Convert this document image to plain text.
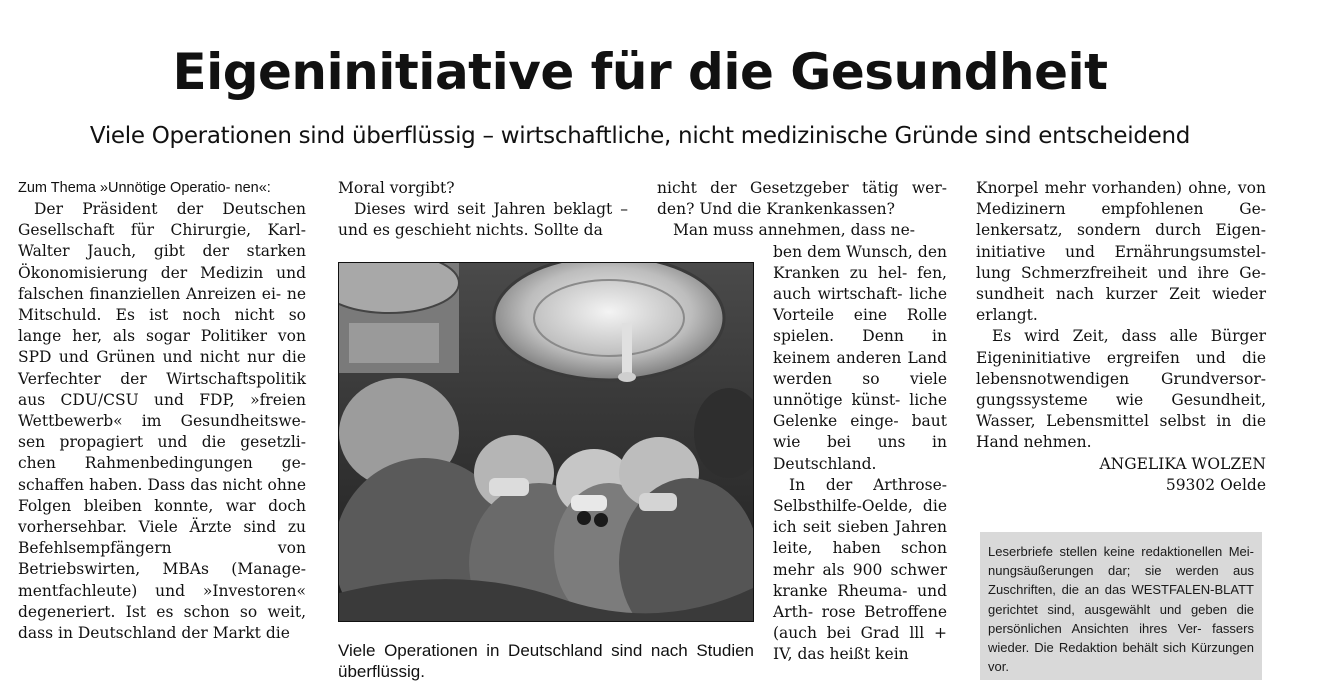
Eigeninitiative für die Gesundheit
Viele Operationen sind überflüssig – wirtschaftliche, nicht medizinische Gründe sind entscheidend

Zum Thema »Unnötige Operatio- nen«:

Der Präsident der Deutschen Gesellschaft für Chirurgie, Karl-Walter Jauch, gibt der starken Ökonomisierung der Medizin und falschen finanziellen Anreizen ei- ne Mitschuld. Es ist noch nicht so lange her, als sogar Politiker von SPD und Grünen und nicht nur die Verfechter der Wirtschaftspolitik aus CDU/CSU und FDP, »freien Wettbewerb« im Gesundheitswe- sen propagiert und die gesetzli- chen Rahmenbedingungen ge- schaffen haben. Dass das nicht ohne Folgen bleiben konnte, war doch vorhersehbar. Viele Ärzte sind zu Befehlsempfängern von Betriebswirten, MBAs (Manage- mentfachleute) und »Investoren« degeneriert. Ist es schon so weit, dass in Deutschland der Markt die

Moral vorgibt?

Dieses wird seit Jahren beklagt – und es geschieht nichts. Sollte da

Viele Operationen in Deutschland sind nach Studien überflüssig.

nicht der Gesetzgeber tätig wer- den? Und die Krankenkassen?

Man muss annehmen, dass ne-

ben dem Wunsch, den Kranken zu hel- fen, auch wirtschaft- liche Vorteile eine Rolle spielen. Denn in keinem anderen Land werden so viele unnötige künst- liche Gelenke einge- baut wie bei uns in Deutschland.

In der Arthrose-Selbsthilfe-Oelde, die ich seit sieben Jahren leite, haben schon mehr als 900 schwer kranke Rheuma- und Arth- rose Betroffene (auch bei Grad lll + IV, das heißt kein

Knorpel mehr vorhanden) ohne, von Medizinern empfohlenen Ge- lenkersatz, sondern durch Eigen- initiative und Ernährungsumstel- lung Schmerzfreiheit und ihre Ge- sundheit nach kurzer Zeit wieder erlangt.

Es wird Zeit, dass alle Bürger Eigeninitiative ergreifen und die lebensnotwendigen Grundversor- gungssysteme wie Gesundheit, Wasser, Lebensmittel selbst in die Hand nehmen.

ANGELIKA WOLZEN

59302 Oelde

Leserbriefe stellen keine redaktionellen Mei- nungsäußerungen dar; sie werden aus Zuschriften, die an das WESTFALEN-BLATT gerichtet sind, ausgewählt und geben die persönlichen Ansichten ihres Ver- fassers wieder. Die Redaktion behält sich Kürzungen vor.
